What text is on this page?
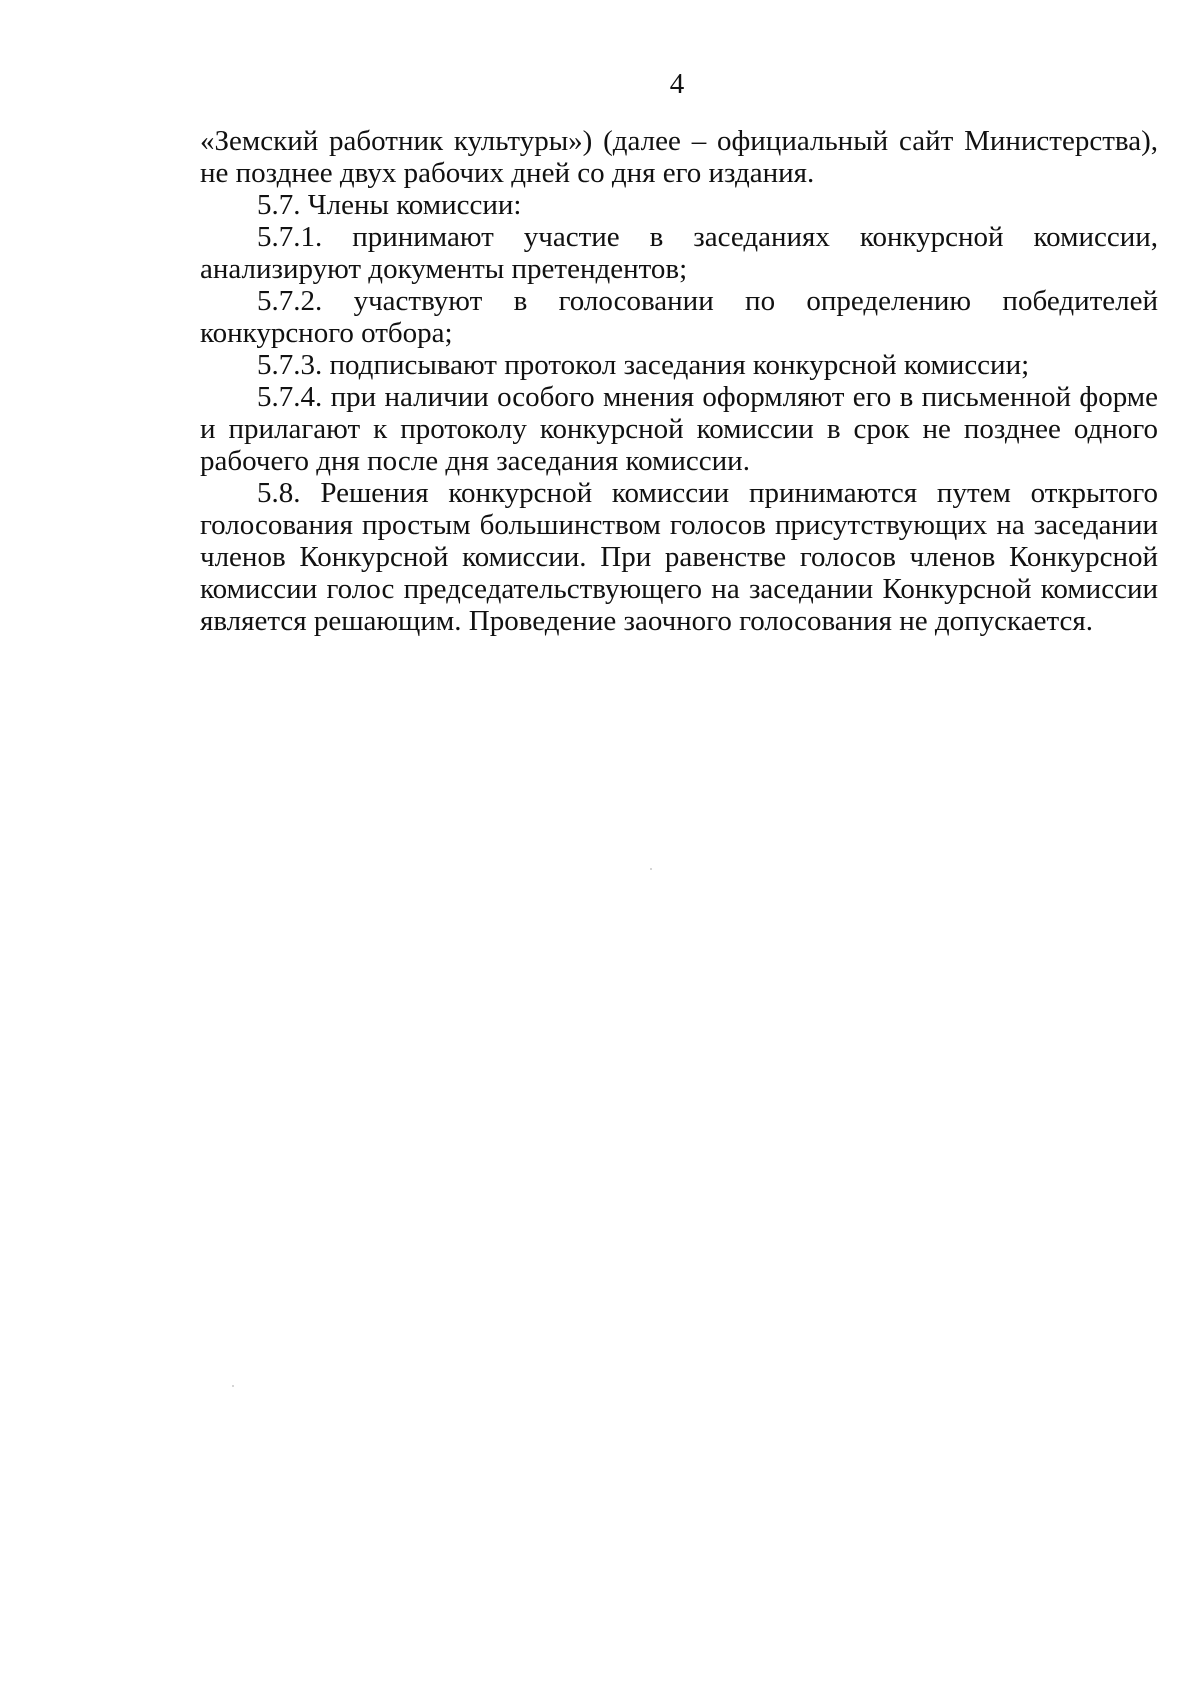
4

«Земский работник культуры») (далее – официальный сайт Министерства), не позднее двух рабочих дней со дня его издания.

5.7. Члены комиссии:

5.7.1. принимают участие в заседаниях конкурсной комиссии, анализируют документы претендентов;

5.7.2. участвуют в голосовании по определению победителей конкурсного отбора;

5.7.3. подписывают протокол заседания конкурсной комиссии;

5.7.4. при наличии особого мнения оформляют его в письменной форме и прилагают к протоколу конкурсной комиссии в срок не позднее одного рабочего дня после дня заседания комиссии.

5.8. Решения конкурсной комиссии принимаются путем открытого голосования простым большинством голосов присутствующих на заседании членов Конкурсной комиссии. При равенстве голосов членов Конкурсной комиссии голос председательствующего на заседании Конкурсной комиссии является решающим. Проведение заочного голосования не допускается.
